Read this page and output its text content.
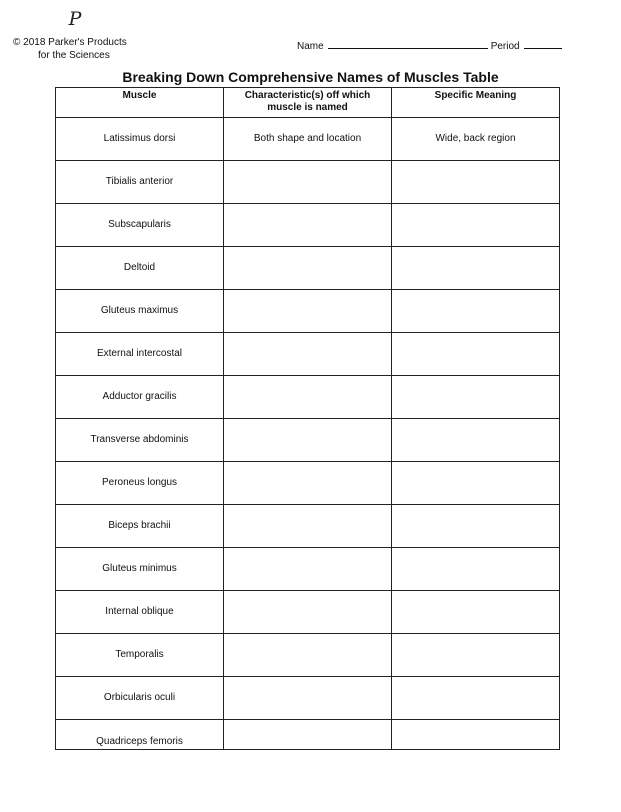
P
© 2018 Parker's Products
for the Sciences
Name	Period
Breaking Down Comprehensive Names of Muscles Table
Muscle	Characteristic(s) off which muscle is named	Specific Meaning
Latissimus dorsi	Both shape and location	Wide, back region
Tibialis anterior		
Subscapularis		
Deltoid		
Gluteus maximus		
External intercostal		
Adductor gracilis		
Transverse abdominis		
Peroneus longus		
Biceps brachii		
Gluteus minimus		
Internal oblique		
Temporalis		
Orbicularis oculi		
Quadriceps femoris		
